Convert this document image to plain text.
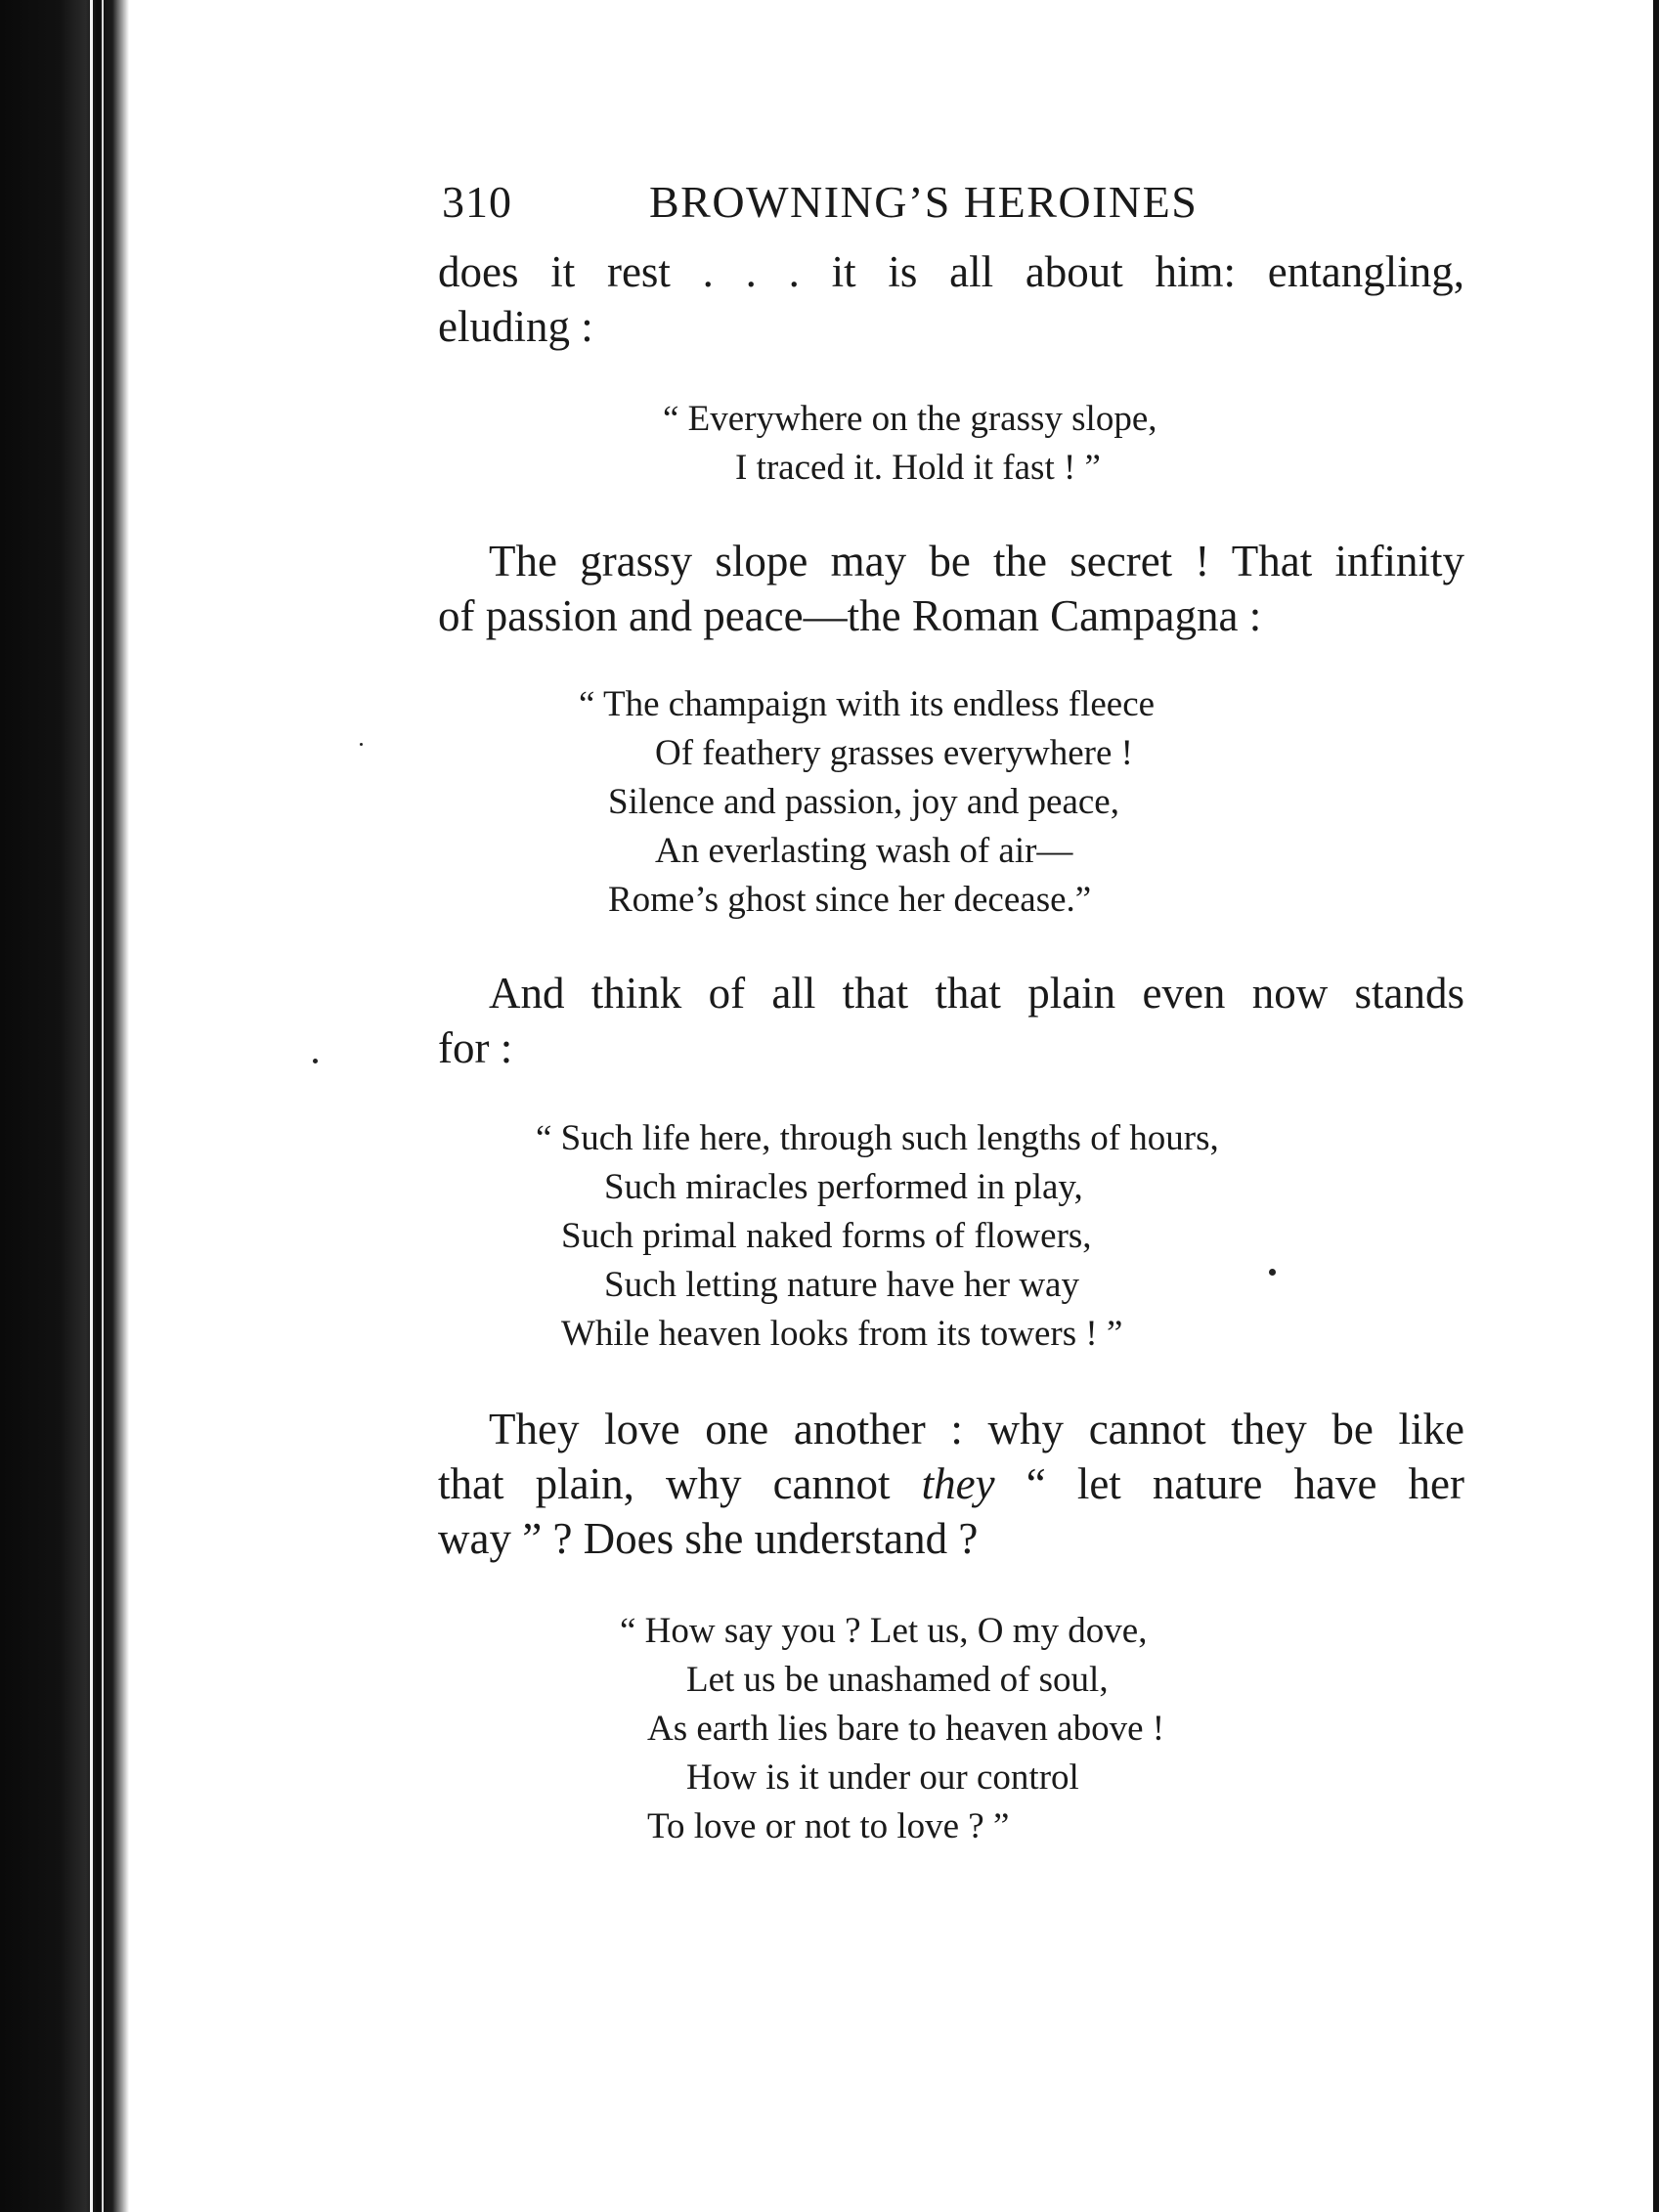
310	BROWNING’S HEROINES

does it rest . . . it is all about him: entangling,
eluding :

“ Everywhere on the grassy slope,
I traced it. Hold it fast ! ”

The grassy slope may be the secret ! That infinity
of passion and peace—the Roman Campagna :

“ The champaign with its endless fleece
Of feathery grasses everywhere !
Silence and passion, joy and peace,
An everlasting wash of air—
Rome’s ghost since her decease.”

And think of all that that plain even now stands
for :

“ Such life here, through such lengths of hours,
Such miracles performed in play,
Such primal naked forms of flowers,
Such letting nature have her way
While heaven looks from its towers ! ”

They love one another : why cannot they be like
that plain, why cannot they “ let nature have her
way ” ? Does she understand ?

“ How say you ? Let us, O my dove,
Let us be unashamed of soul,
As earth lies bare to heaven above !
How is it under our control
To love or not to love ? ”
